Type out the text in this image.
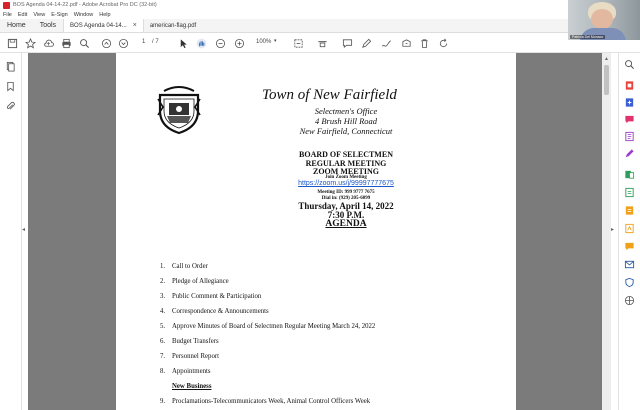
BOS Agenda 04-14-22.pdf - Adobe Acrobat Pro DC (32-bit)
File Edit View E-Sign Window Help
Home	Tools	BOS Agenda 04-14... × american-flag.pdf
1 / 7	100% ▾
Patricia Del Monaco
◂
Town of New Fairfield
Selectmen's Office
4 Brush Hill Road
New Fairfield, Connecticut
BOARD OF SELECTMEN
REGULAR MEETING
ZOOM MEETING
Join Zoom Meeting
https://zoom.us/j/99997777675
Meeting ID: 999 9777 7675
Dial in: (929) 205-6099
Thursday, April 14, 2022
7:30 P.M.
AGENDA
1.	Call to Order
2.	Pledge of Allegiance
3.	Public Comment & Participation
4.	Correspondence & Announcements
5.	Approve Minutes of Board of Selectmen Regular Meeting March 24, 2022
6.	Budget Transfers
7.	Personnel Report
8.	Appointments
New Business
9.	Proclamations-Telecommunicators Week, Animal Control Officers Week
▲
▸
